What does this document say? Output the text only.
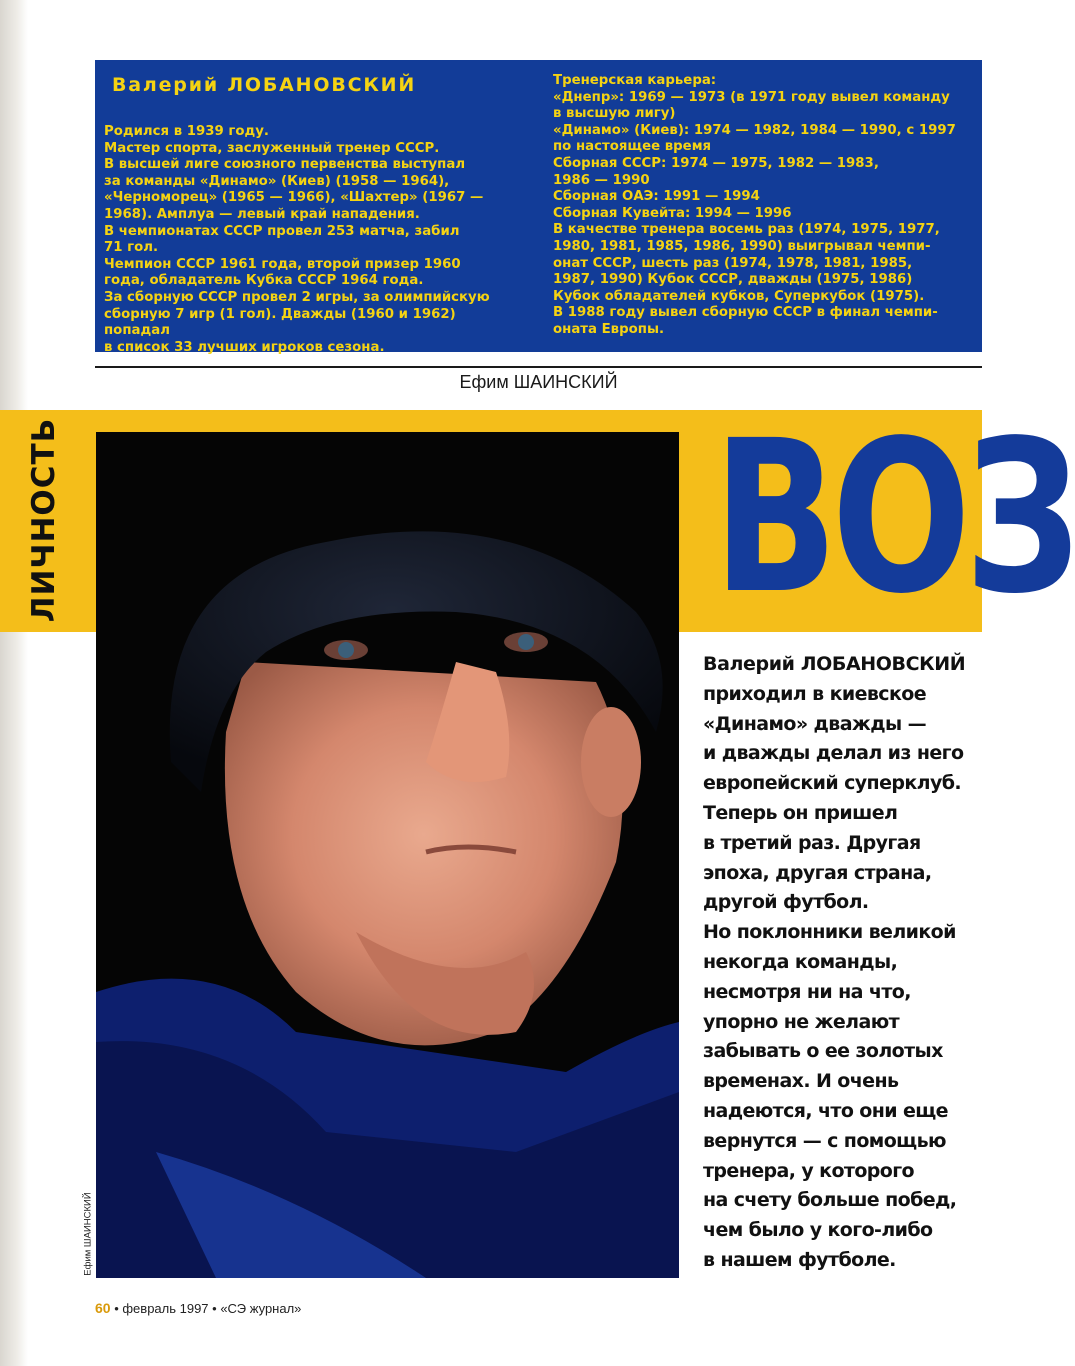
Валерий ЛОБАНОВСКИЙ

Родился в 1939 году.

Мастер спорта, заслуженный тренер СССР.

В высшей лиге союзного первенства выступал

за команды «Динамо» (Киев) (1958 — 1964),

«Черноморец» (1965 — 1966), «Шахтер» (1967 —

1968). Амплуа — левый край нападения.

В чемпионатах СССР провел 253 матча, забил

71 гол.

Чемпион СССР 1961 года, второй призер 1960

года, обладатель Кубка СССР 1964 года.

За сборную СССР провел 2 игры, за олимпийскую

сборную 7 игр (1 гол). Дважды (1960 и 1962) попадал

в список 33 лучших игроков сезона.

Тренерская карьера:

«Днепр»: 1969 — 1973 (в 1971 году вывел команду

в высшую лигу)

«Динамо» (Киев): 1974 — 1982, 1984 — 1990, с 1997

по настоящее время

Сборная СССР: 1974 — 1975, 1982 — 1983,

1986 — 1990

Сборная ОАЭ: 1991 — 1994

Сборная Кувейта: 1994 — 1996

В качестве тренера восемь раз (1974, 1975, 1977,

1980, 1981, 1985, 1986, 1990) выигрывал чемпи-

онат СССР, шесть раз (1974, 1978, 1981, 1985,

1987, 1990) Кубок СССР, дважды (1975, 1986)

Кубок обладателей кубков, Суперкубок (1975).

В 1988 году вывел сборную СССР в финал чемпи-

оната Европы.

Ефим ШАИНСКИЙ
ЛИЧНОСТЬ	ВОЗ
Ефим ШАИНСКИЙ

Валерий ЛОБАНОВСКИЙ

приходил в киевское

«Динамо» дважды —

и дважды делал из него

европейский суперклуб.

Теперь он пришел

в третий раз. Другая

эпоха, другая страна,

другой футбол.

Но поклонники великой

некогда команды,

несмотря ни на что,

упорно не желают

забывать о ее золотых

временах. И очень

надеются, что они еще

вернутся — с помощью

тренера, у которого

на счету больше побед,

чем было у кого-либо

в нашем футболе.

60 • февраль 1997 • «СЭ журнал»
